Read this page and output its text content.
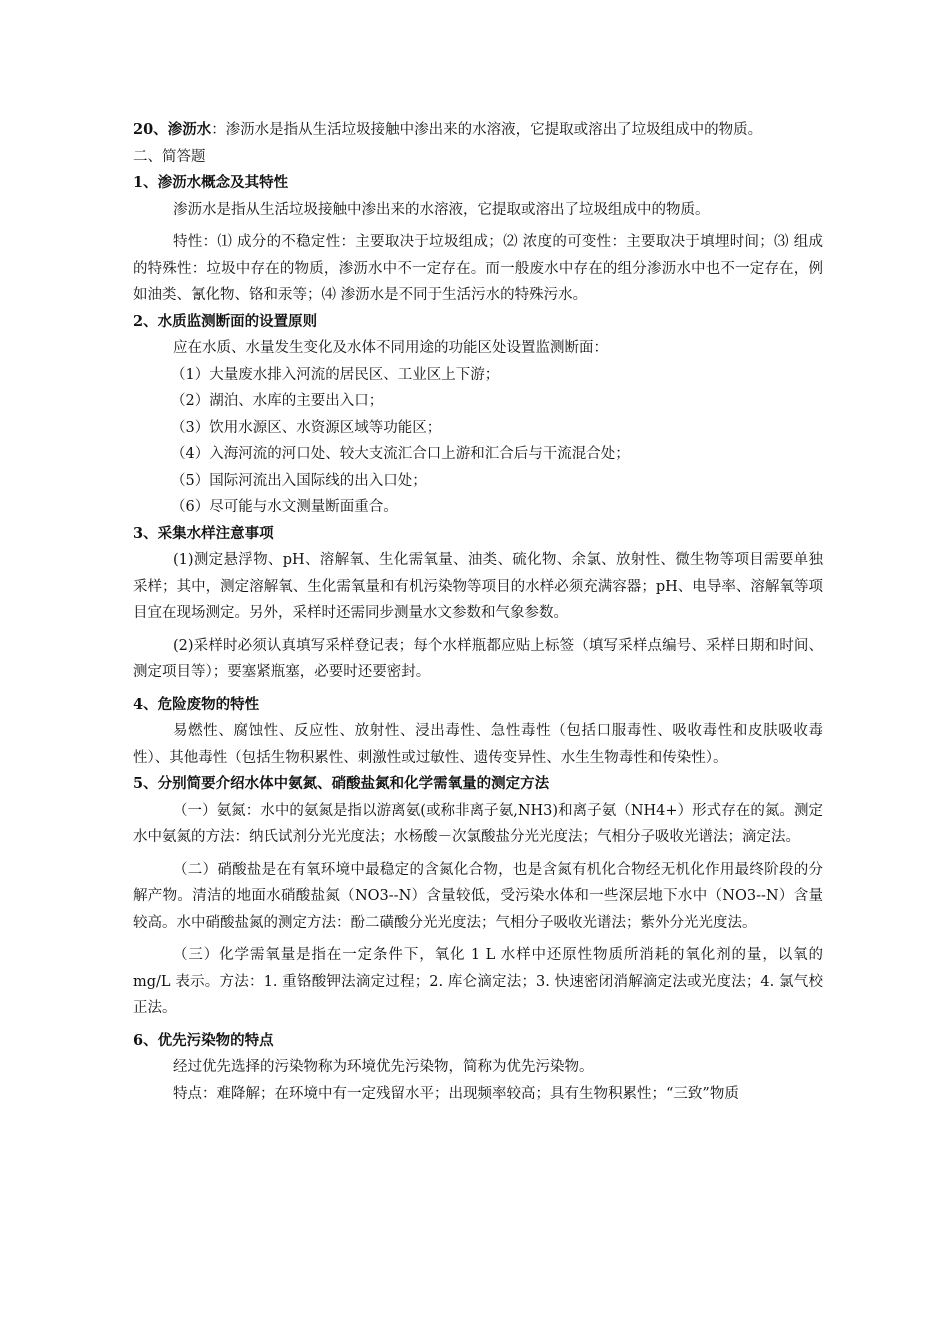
20、渗沥水：渗沥水是指从生活垃圾接触中渗出来的水溶液，它提取或溶出了垃圾组成中的物质。

二、简答题

1、渗沥水概念及其特性

渗沥水是指从生活垃圾接触中渗出来的水溶液，它提取或溶出了垃圾组成中的物质。

特性：⑴ 成分的不稳定性：主要取决于垃圾组成；⑵ 浓度的可变性：主要取决于填埋时间；⑶ 组成的特殊性：垃圾中存在的物质，渗沥水中不一定存在。而一般废水中存在的组分渗沥水中也不一定存在，例如油类、氰化物、铬和汞等；⑷ 渗沥水是不同于生活污水的特殊污水。

2、水质监测断面的设置原则

应在水质、水量发生变化及水体不同用途的功能区处设置监测断面：

（1）大量废水排入河流的居民区、工业区上下游；

（2）湖泊、水库的主要出入口；

（3）饮用水源区、水资源区域等功能区；

（4）入海河流的河口处、较大支流汇合口上游和汇合后与干流混合处；

（5）国际河流出入国际线的出入口处；

（6）尽可能与水文测量断面重合。

3、采集水样注意事项

(1)测定悬浮物、pH、溶解氧、生化需氧量、油类、硫化物、余氯、放射性、微生物等项目需要单独采样；其中，测定溶解氧、生化需氧量和有机污染物等项目的水样必须充满容器；pH、电导率、溶解氧等项目宜在现场测定。另外，采样时还需同步测量水文参数和气象参数。

(2)采样时必须认真填写采样登记表；每个水样瓶都应贴上标签（填写采样点编号、采样日期和时间、测定项目等）；要塞紧瓶塞，必要时还要密封。

4、危险废物的特性

易燃性、腐蚀性、反应性、放射性、浸出毒性、急性毒性（包括口服毒性、吸收毒性和皮肤吸收毒性）、其他毒性（包括生物积累性、刺激性或过敏性、遗传变异性、水生生物毒性和传染性）。

5、分别简要介绍水体中氨氮、硝酸盐氮和化学需氧量的测定方法

（一）氨氮：水中的氨氮是指以游离氨(或称非离子氨,NH3)和离子氨（NH4+）形式存在的氮。测定水中氨氮的方法：纳氏试剂分光光度法；水杨酸－次氯酸盐分光光度法；气相分子吸收光谱法；滴定法。

（二）硝酸盐是在有氧环境中最稳定的含氮化合物，也是含氮有机化合物经无机化作用最终阶段的分解产物。清洁的地面水硝酸盐氮（NO3--N）含量较低，受污染水体和一些深层地下水中（NO3--N）含量较高。水中硝酸盐氮的测定方法：酚二磺酸分光光度法；气相分子吸收光谱法；紫外分光光度法。

（三）化学需氧量是指在一定条件下，氧化 1 L 水样中还原性物质所消耗的氧化剂的量，以氧的mg/L 表示。方法：1. 重铬酸钾法滴定过程；2. 库仑滴定法；3. 快速密闭消解滴定法或光度法；4. 氯气校正法。

6、优先污染物的特点

经过优先选择的污染物称为环境优先污染物，简称为优先污染物。

特点：难降解；在环境中有一定残留水平；出现频率较高；具有生物积累性；“三致”物质
